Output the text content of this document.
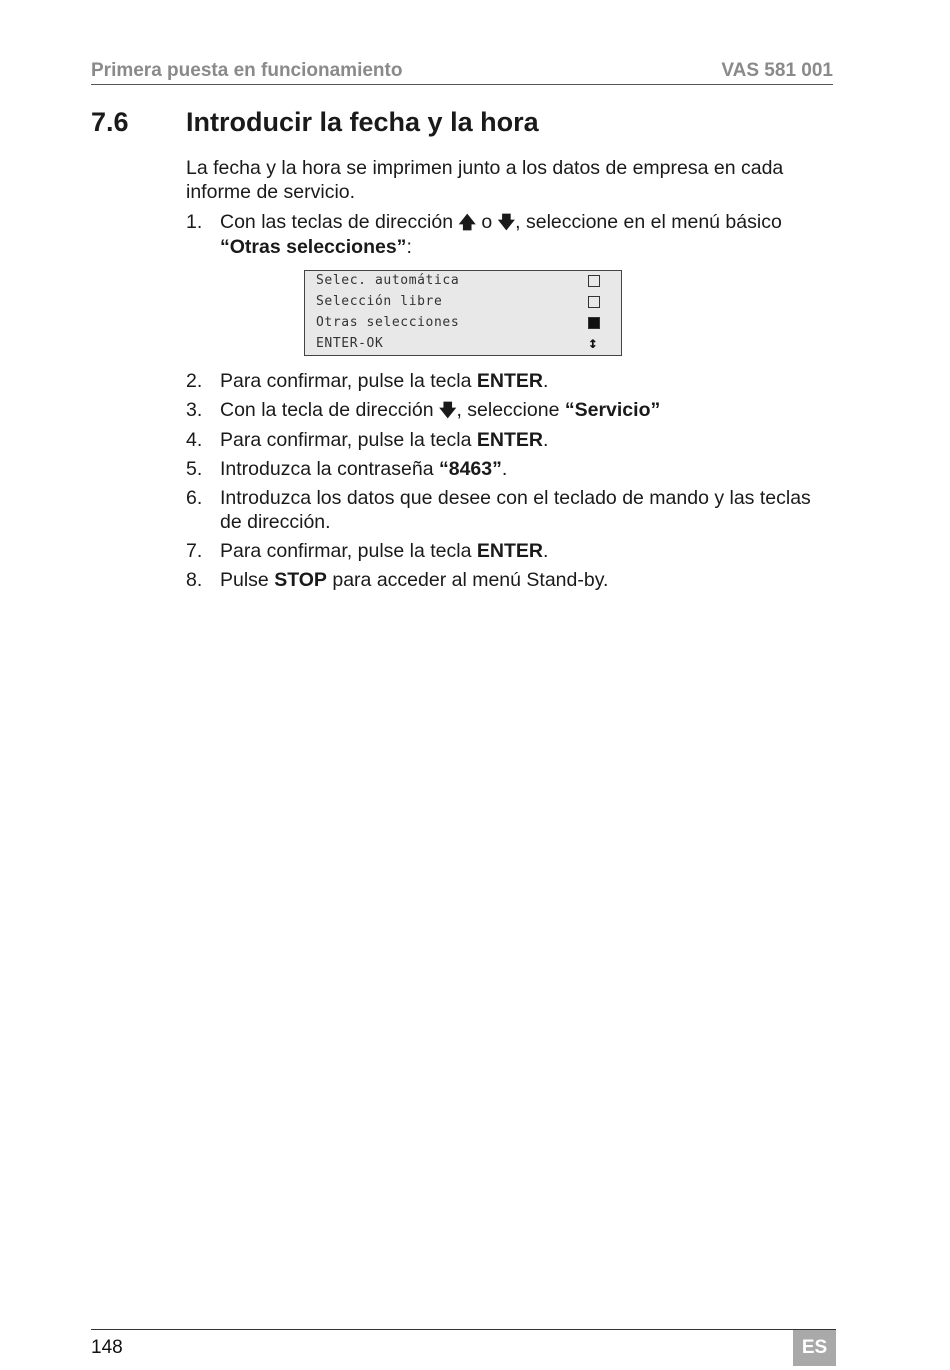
Primera puesta en funcionamiento	VAS 581 001
7.6 Introducir la fecha y la hora

La fecha y la hora se imprimen junto a los datos de empresa en cada informe de servicio.

1. Con las teclas de dirección 🡅 o 🡇, seleccione en el menú básico
“Otras selecciones”:
Selec. automática
Selección libre
Otras selecciones
ENTER-OK	↕
2. Para confirmar, pulse la tecla ENTER.
3. Con la tecla de dirección 🡇, seleccione “Servicio”
4. Para confirmar, pulse la tecla ENTER.
5. Introduzca la contraseña “8463”.
6. Introduzca los datos que desee con el teclado de mando y las teclas de dirección.
7. Para confirmar, pulse la tecla ENTER.
8. Pulse STOP para acceder al menú Stand-by.
148	ES
